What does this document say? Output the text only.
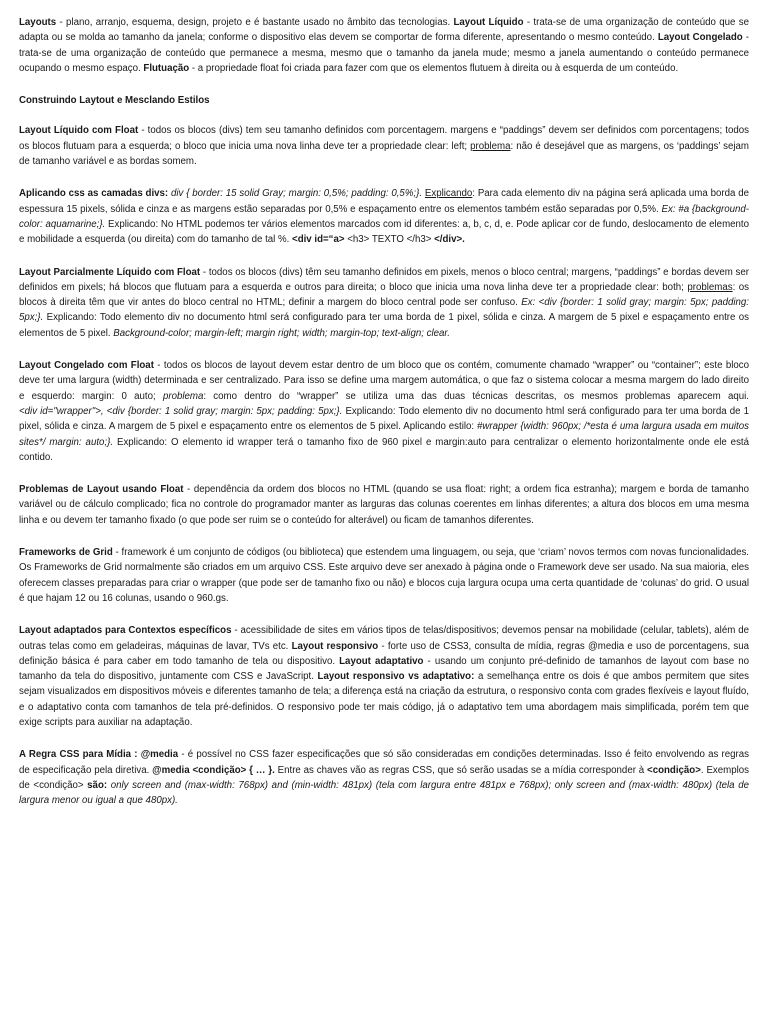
Layouts - plano, arranjo, esquema, design, projeto e é bastante usado no âmbito das tecnologias. Layout Líquido - trata-se de uma organização de conteúdo que se adapta ou se molda ao tamanho da janela; conforme o dispositivo elas devem se comportar de forma diferente, apresentando o mesmo conteúdo. Layout Congelado - trata-se de uma organização de conteúdo que permanece a mesma, mesmo que o tamanho da janela mude; mesmo a janela aumentando o conteúdo permanece ocupando o mesmo espaço. Flutuação - a propriedade float foi criada para fazer com que os elementos flutuem à direita ou à esquerda de um conteúdo.

Construindo Laytout e Mesclando Estilos

Layout Líquido com Float - todos os blocos (divs) tem seu tamanho definidos com porcentagem. margens e “paddings” devem ser definidos com porcentagens; todos os blocos flutuam para a esquerda; o bloco que inicia uma nova linha deve ter a propriedade clear: left; problema: não é desejável que as margens, os ‘paddings’ sejam de tamanho variável e as bordas somem.

Aplicando css as camadas divs: div { border: 15 solid Gray; margin: 0,5%; padding: 0,5%;}. Explicando: Para cada elemento div na página será aplicada uma borda de espessura 15 pixels, sólida e cinza e as margens estão separadas por 0,5% e espaçamento entre os elementos também estão separadas por 0,5%. Ex: #a {background-color: aquamarine;}. Explicando: No HTML podemos ter vários elementos marcados com id diferentes: a, b, c, d, e. Pode aplicar cor de fundo, deslocamento de elemento e mobilidade a esquerda (ou direita) com do tamanho de tal %. <div id=“a> <h3> TEXTO </h3> </div>.

Layout Parcialmente Líquido com Float - todos os blocos (divs) têm seu tamanho definidos em pixels, menos o bloco central; margens, “paddings” e bordas devem ser definidos em pixels; há blocos que flutuam para a esquerda e outros para direita; o bloco que inicia uma nova linha deve ter a propriedade clear: both; problemas: os blocos à direita têm que vir antes do bloco central no HTML; definir a margem do bloco central pode ser confuso. Ex: <div {border: 1 solid gray; margin: 5px; padding: 5px;}. Explicando: Todo elemento div no documento html será configurado para ter uma borda de 1 pixel, sólida e cinza. A margem de 5 pixel e espaçamento entre os elementos de 5 pixel. Background-color; margin-left; margin right; width; margin-top; text-align; clear.

Layout Congelado com Float - todos os blocos de layout devem estar dentro de um bloco que os contém, comumente chamado “wrapper” ou “container”; este bloco deve ter uma largura (width) determinada e ser centralizado. Para isso se define uma margem automática, o que faz o sistema colocar a mesma margem do lado direito e esquerdo: margin: 0 auto; problema: como dentro do “wrapper” se utiliza uma das duas técnicas descritas, os mesmos problemas aparecem aqui.

<div id="wrapper">, <div {border: 1 solid gray; margin: 5px; padding: 5px;}. Explicando: Todo elemento div no documento html será configurado para ter uma borda de 1 pixel, sólida e cinza. A margem de 5 pixel e espaçamento entre os elementos de 5 pixel. Aplicando estilo: #wrapper {width: 960px; /*esta é uma largura usada em muitos sites*/ margin: auto;}. Explicando: O elemento id wrapper terá o tamanho fixo de 960 pixel e margin:auto para centralizar o elemento horizontalmente onde ele está contido.

Problemas de Layout usando Float - dependência da ordem dos blocos no HTML (quando se usa float: right; a ordem fica estranha); margem e borda de tamanho variável ou de cálculo complicado; fica no controle do programador manter as larguras das colunas coerentes em linhas diferentes; a altura dos blocos em uma mesma linha e ou devem ter tamanho fixado (o que pode ser ruim se o conteúdo for alterável) ou ficam de tamanhos diferentes.

Frameworks de Grid - framework é um conjunto de códigos (ou biblioteca) que estendem uma linguagem, ou seja, que ‘criam’ novos termos com novas funcionalidades. Os Frameworks de Grid normalmente são criados em um arquivo CSS. Este arquivo deve ser anexado à página onde o Framework deve ser usado. Na sua maioria, eles oferecem classes preparadas para criar o wrapper (que pode ser de tamanho fixo ou não) e blocos cuja largura ocupa uma certa quantidade de ‘colunas’ do grid. O usual é que hajam 12 ou 16 colunas, usando o 960.gs.

Layout adaptados para Contextos específicos - acessibilidade de sites em vários tipos de telas/dispositivos; devemos pensar na mobilidade (celular, tablets), além de outras telas como em geladeiras, máquinas de lavar, TVs etc. Layout responsivo - forte uso de CSS3, consulta de mídia, regras @media e uso de porcentagens, sua definição básica é para caber em todo tamanho de tela ou dispositivo. Layout adaptativo - usando um conjunto pré-definido de tamanhos de layout com base no tamanho da tela do dispositivo, juntamente com CSS e JavaScript. Layout responsivo vs adaptativo: a semelhança entre os dois é que ambos permitem que sites sejam visualizados em dispositivos móveis e diferentes tamanho de tela; a diferença está na criação da estrutura, o responsivo conta com grades flexíveis e layout fluído, e o adaptativo conta com tamanhos de tela pré-definidos. O responsivo pode ter mais código, já o adaptativo tem uma abordagem mais simplificada, porém tem que exige scripts para auxiliar na adaptação.

A Regra CSS para Mídia : @media - é possível no CSS fazer especificações que só são consideradas em condições determinadas. Isso é feito envolvendo as regras de especificação pela diretiva. @media <condição> { … }. Entre as chaves vão as regras CSS, que só serão usadas se a mídia corresponder à <condição>. Exemplos de <condição> são: only screen and (max-width: 768px) and (min-width: 481px) (tela com largura entre 481px e 768px); only screen and (max-width: 480px) (tela de largura menor ou igual a que 480px).
